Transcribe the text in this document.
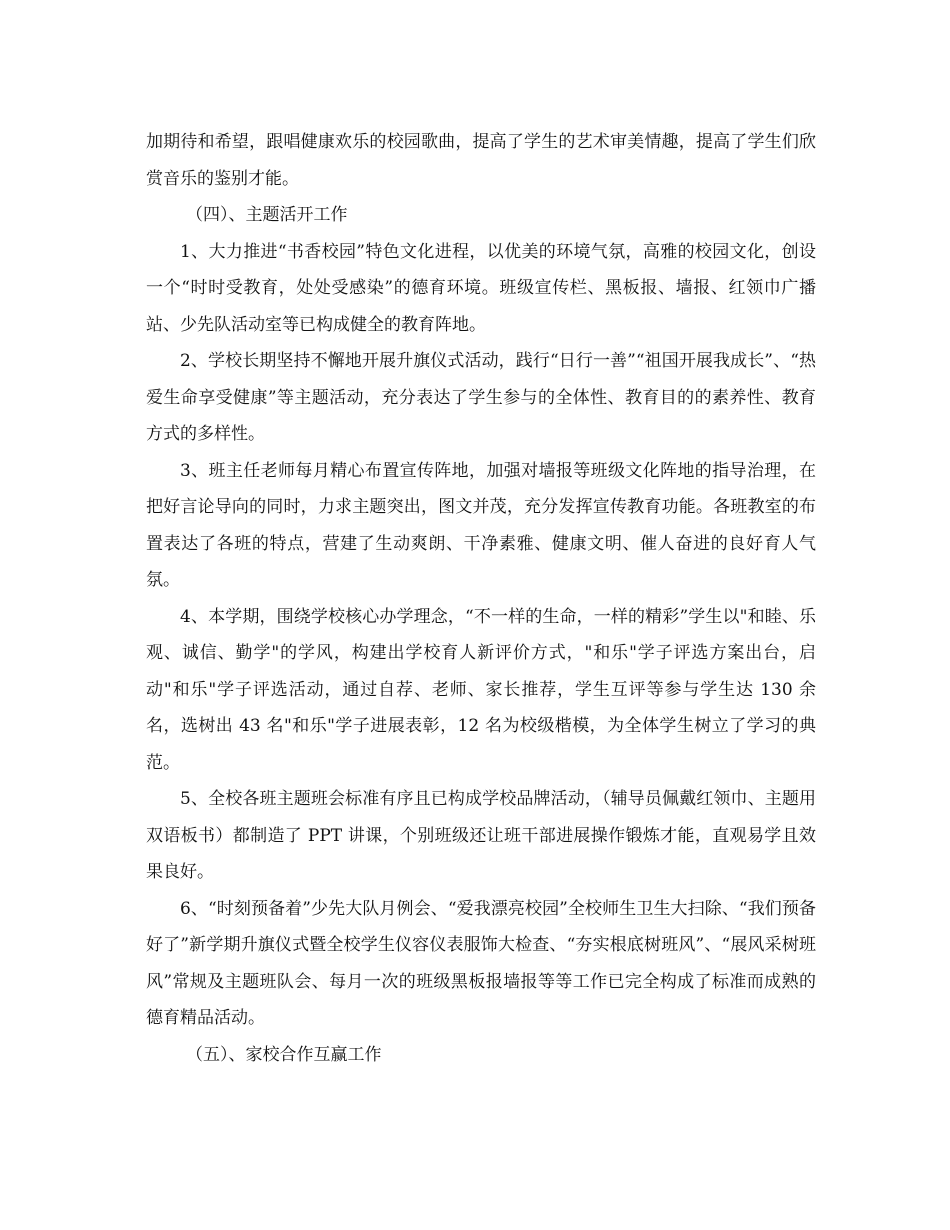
加期待和希望，跟唱健康欢乐的校园歌曲，提高了学生的艺术审美情趣，提高了学生们欣赏音乐的鉴别才能。

（四）、主题活开工作

1、大力推进“书香校园”特色文化进程，以优美的环境气氛，高雅的校园文化，创设一个“时时受教育，处处受感染”的德育环境。班级宣传栏、黑板报、墙报、红领巾广播站、少先队活动室等已构成健全的教育阵地。

2、学校长期坚持不懈地开展升旗仪式活动，践行“日行一善”“祖国开展我成长”、“热爱生命享受健康”等主题活动，充分表达了学生参与的全体性、教育目的的素养性、教育方式的多样性。

3、班主任老师每月精心布置宣传阵地，加强对墙报等班级文化阵地的指导治理，在把好言论导向的同时，力求主题突出，图文并茂，充分发挥宣传教育功能。各班教室的布置表达了各班的特点，营建了生动爽朗、干净素雅、健康文明、催人奋进的良好育人气氛。

4、本学期，围绕学校核心办学理念，“不一样的生命，一样的精彩”学生以"和睦、乐观、诚信、勤学"的学风，构建出学校育人新评价方式，"和乐"学子评选方案出台，启动"和乐"学子评选活动，通过自荐、老师、家长推荐，学生互评等参与学生达 130 余名，选树出 43 名"和乐"学子进展表彰，12 名为校级楷模，为全体学生树立了学习的典范。

5、全校各班主题班会标准有序且已构成学校品牌活动，（辅导员佩戴红领巾、主题用双语板书）都制造了 PPT 讲课，个别班级还让班干部进展操作锻炼才能，直观易学且效果良好。

6、“时刻预备着”少先大队月例会、“爱我漂亮校园”全校师生卫生大扫除、“我们预备好了”新学期升旗仪式暨全校学生仪容仪表服饰大检查、“夯实根底树班风”、“展风采树班风”常规及主题班队会、每月一次的班级黑板报墙报等等工作已完全构成了标准而成熟的德育精品活动。

（五）、家校合作互赢工作
